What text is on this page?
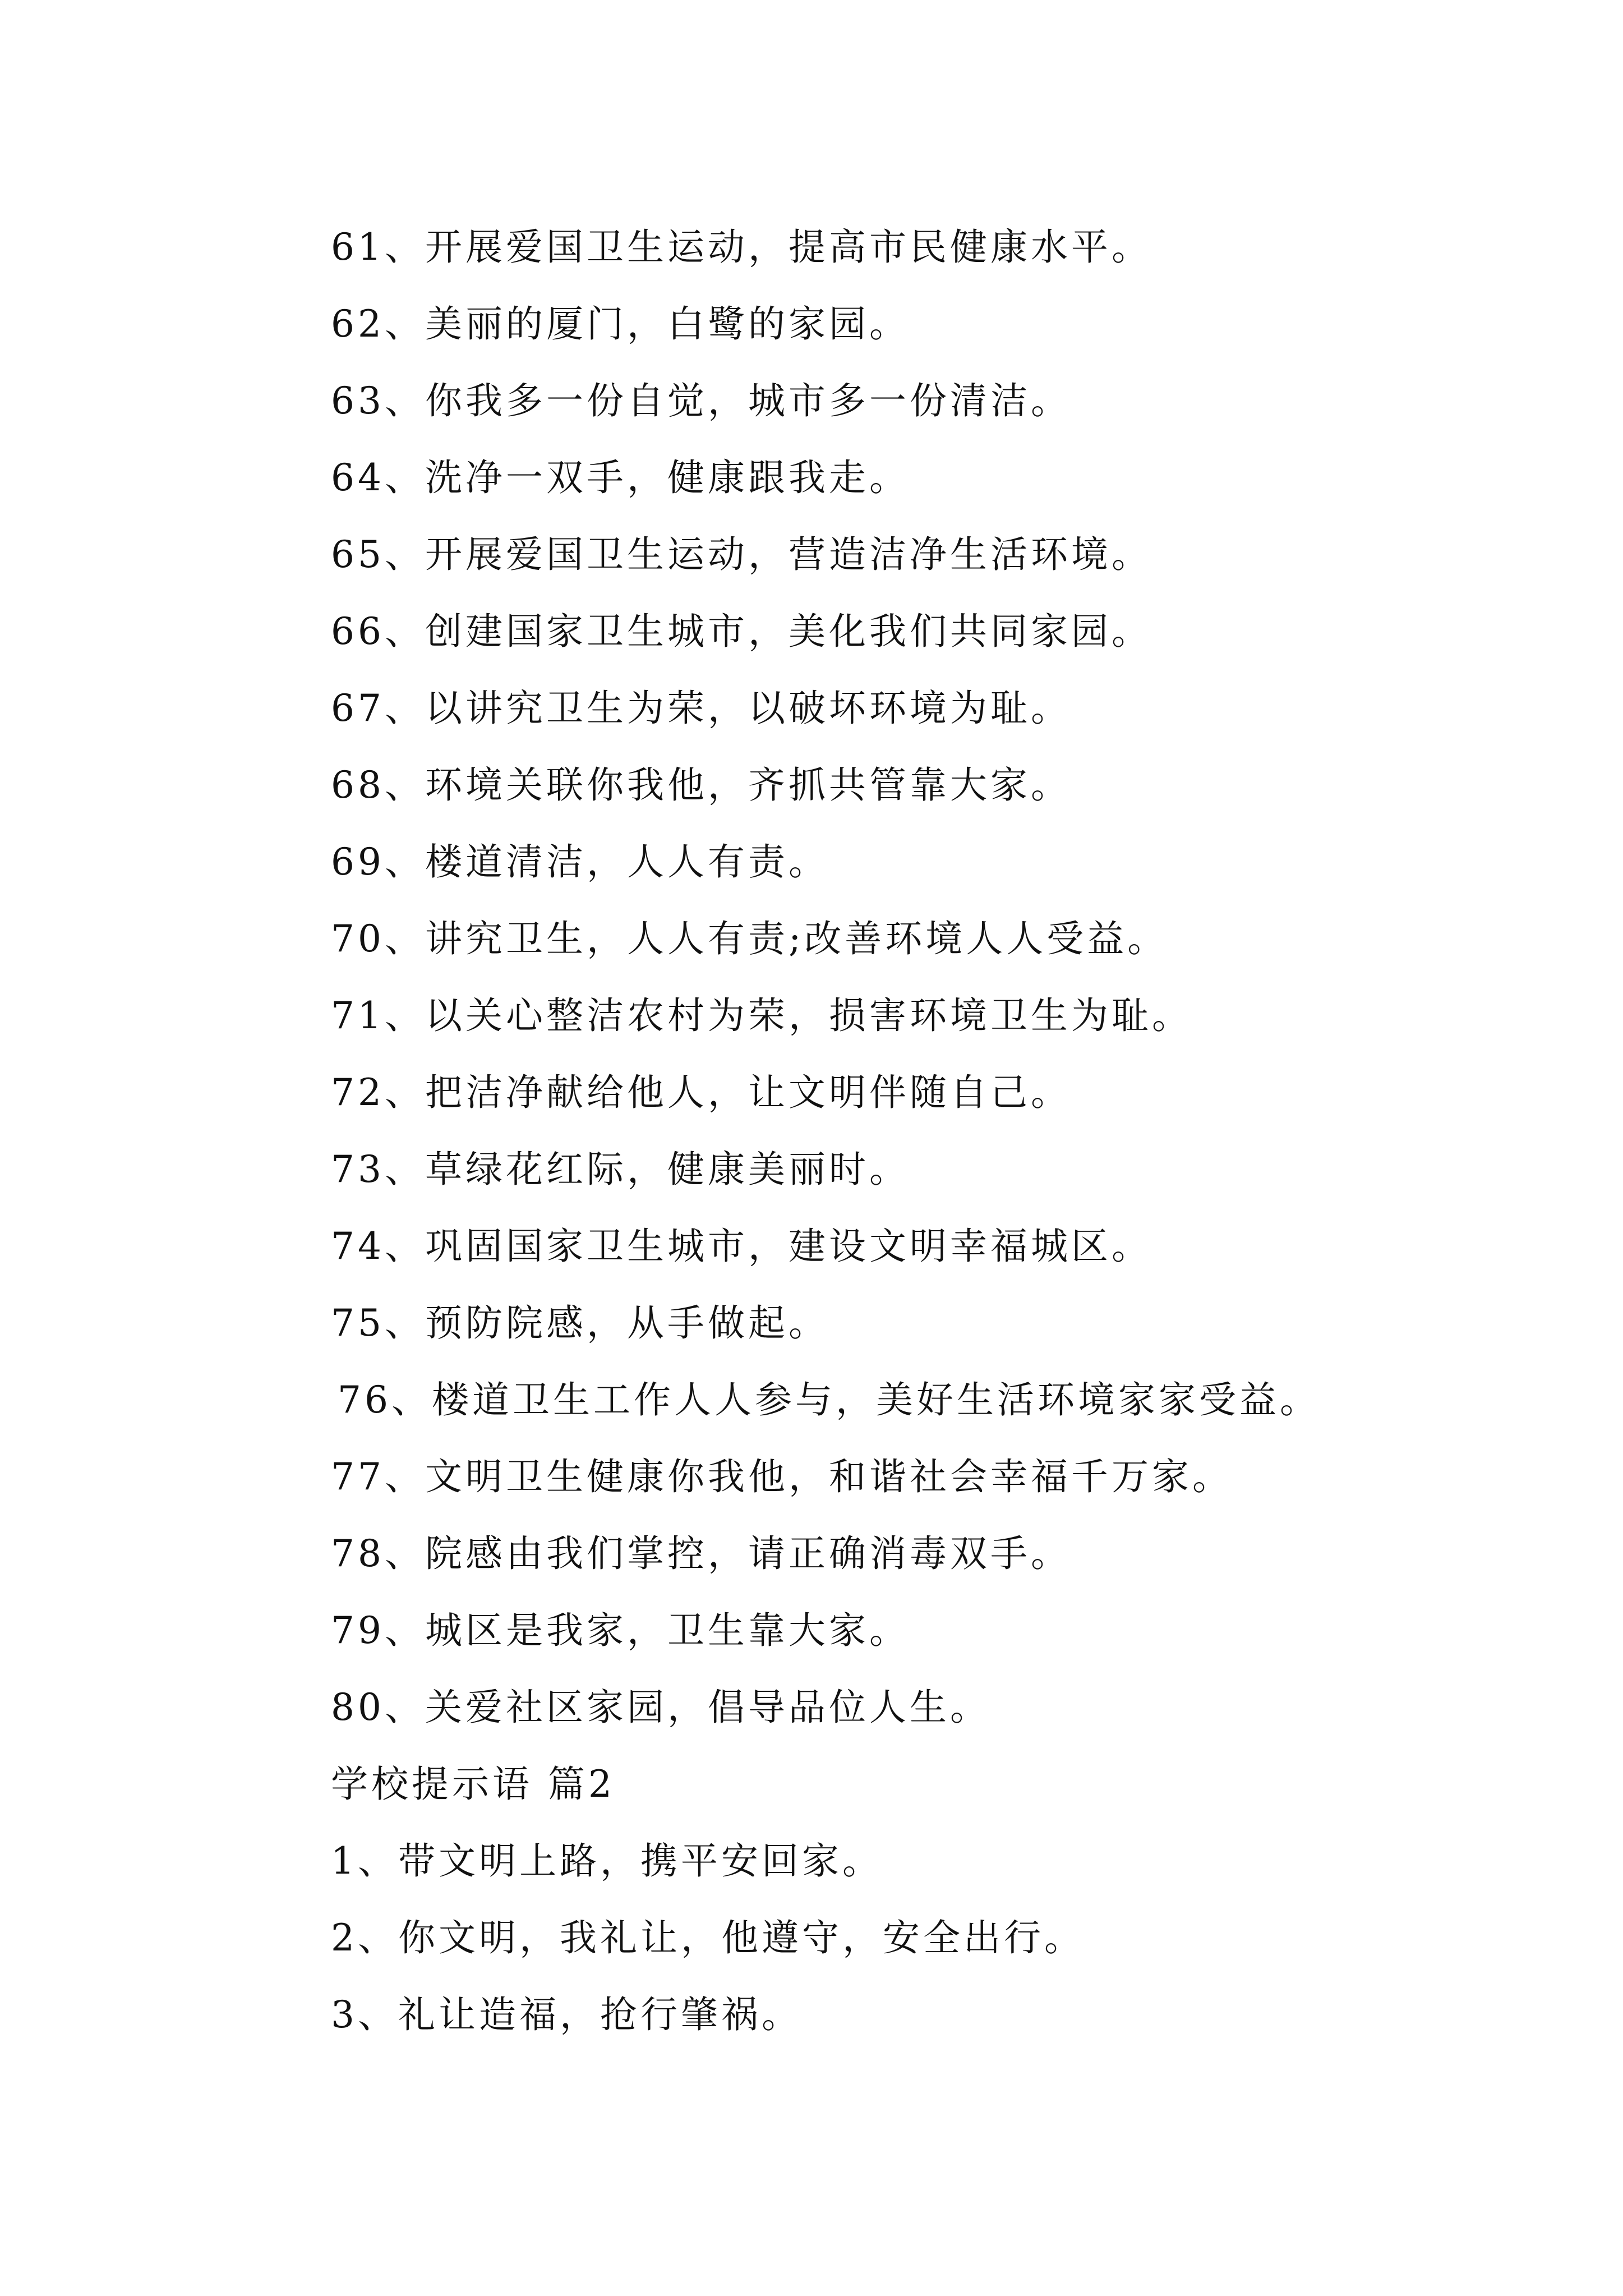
61、开展爱国卫生运动，提高市民健康水平。
62、美丽的厦门，白鹭的家园。
63、你我多一份自觉，城市多一份清洁。
64、洗净一双手，健康跟我走。
65、开展爱国卫生运动，营造洁净生活环境。
66、创建国家卫生城市，美化我们共同家园。
67、以讲究卫生为荣，以破坏环境为耻。
68、环境关联你我他，齐抓共管靠大家。
69、楼道清洁，人人有责。
70、讲究卫生，人人有责;改善环境人人受益。
71、以关心整洁农村为荣，损害环境卫生为耻。
72、把洁净献给他人，让文明伴随自己。
73、草绿花红际，健康美丽时。
74、巩固国家卫生城市，建设文明幸福城区。
75、预防院感，从手做起。
76、楼道卫生工作人人参与，美好生活环境家家受益。
77、文明卫生健康你我他，和谐社会幸福千万家。
78、院感由我们掌控，请正确消毒双手。
79、城区是我家，卫生靠大家。
80、关爱社区家园，倡导品位人生。
学校提示语 篇2
1、带文明上路，携平安回家。
2、你文明，我礼让，他遵守，安全出行。
3、礼让造福，抢行肇祸。
